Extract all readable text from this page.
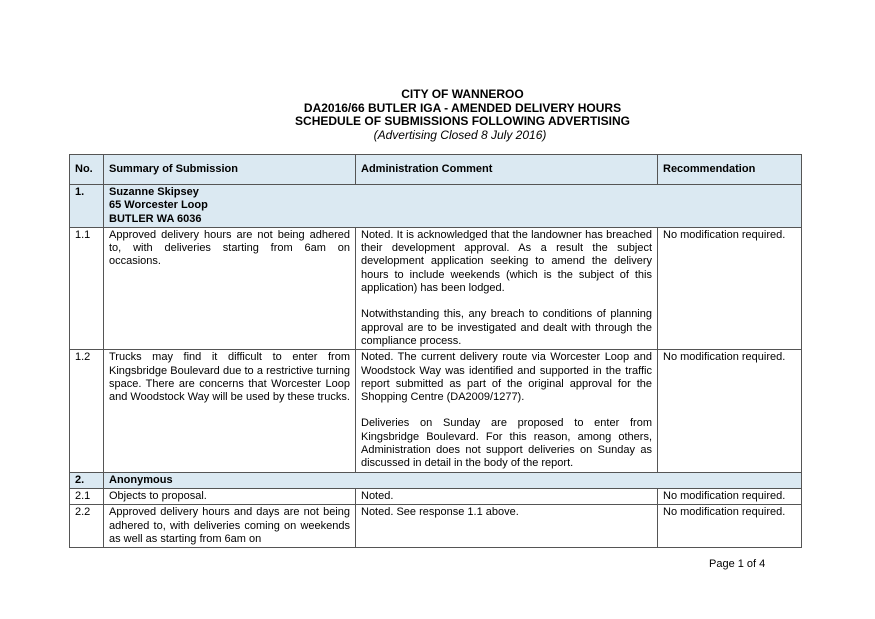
CITY OF WANNEROO
DA2016/66 BUTLER IGA - AMENDED DELIVERY HOURS
SCHEDULE OF SUBMISSIONS FOLLOWING ADVERTISING
(Advertising Closed 8 July 2016)
No.	Summary of Submission	Administration Comment	Recommendation
1.	Suzanne Skipsey
65 Worcester Loop
BUTLER WA 6036		

1.1	Approved delivery hours are not being adhered to, with deliveries starting from 6am on occasions.	Noted. It is acknowledged that the landowner has breached their development approval. As a result the subject development application seeking to amend the delivery hours to include weekends (which is the subject of this application) has been lodged.

Notwithstanding this, any breach to conditions of planning approval are to be investigated and dealt with through the compliance process.	No modification required.
1.2	Trucks may find it difficult to enter from Kingsbridge Boulevard due to a restrictive turning space. There are concerns that Worcester Loop and Woodstock Way will be used by these trucks.	Noted. The current delivery route via Worcester Loop and Woodstock Way was identified and supported in the traffic report submitted as part of the original approval for the Shopping Centre (DA2009/1277).

Deliveries on Sunday are proposed to enter from Kingsbridge Boulevard. For this reason, among others, Administration does not support deliveries on Sunday as discussed in detail in the body of the report.	No modification required.
2.	Anonymous		
2.1	Objects to proposal.	Noted.	No modification required.
2.2	Approved delivery hours and days are not being adhered to, with deliveries coming on weekends as well as starting from 6am on	Noted. See response 1.1 above.	No modification required.
Page 1 of 4
